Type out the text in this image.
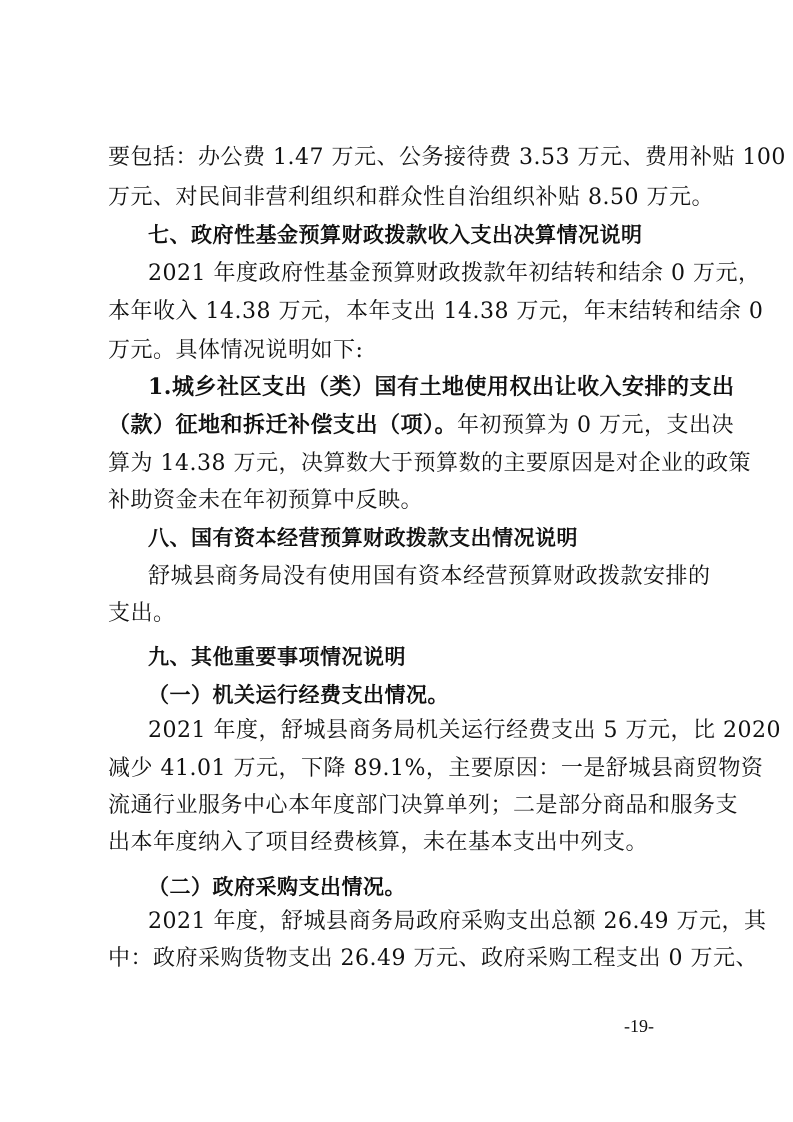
要包括：办公费 1.47 万元、公务接待费 3.53 万元、费用补贴 100
万元、对民间非营利组织和群众性自治组织补贴 8.50 万元。
七、政府性基金预算财政拨款收入支出决算情况说明
2021 年度政府性基金预算财政拨款年初结转和结余 0 万元，
本年收入 14.38 万元，本年支出 14.38 万元，年末结转和结余 0
万元。具体情况说明如下:
1.城乡社区支出（类）国有土地使用权出让收入安排的支出
（款）征地和拆迁补偿支出（项）。年初预算为 0 万元，支出决
算为 14.38 万元，决算数大于预算数的主要原因是对企业的政策
补助资金未在年初预算中反映。
八、国有资本经营预算财政拨款支出情况说明
舒城县商务局没有使用国有资本经营预算财政拨款安排的
支出。
九、其他重要事项情况说明
（一）机关运行经费支出情况。
2021 年度，舒城县商务局机关运行经费支出 5 万元，比 2020
减少 41.01 万元，下降 89.1%，主要原因：一是舒城县商贸物资
流通行业服务中心本年度部门决算单列；二是部分商品和服务支
出本年度纳入了项目经费核算，未在基本支出中列支。
（二）政府采购支出情况。
2021 年度，舒城县商务局政府采购支出总额 26.49 万元，其
中：政府采购货物支出 26.49 万元、政府采购工程支出 0 万元、
-19-
